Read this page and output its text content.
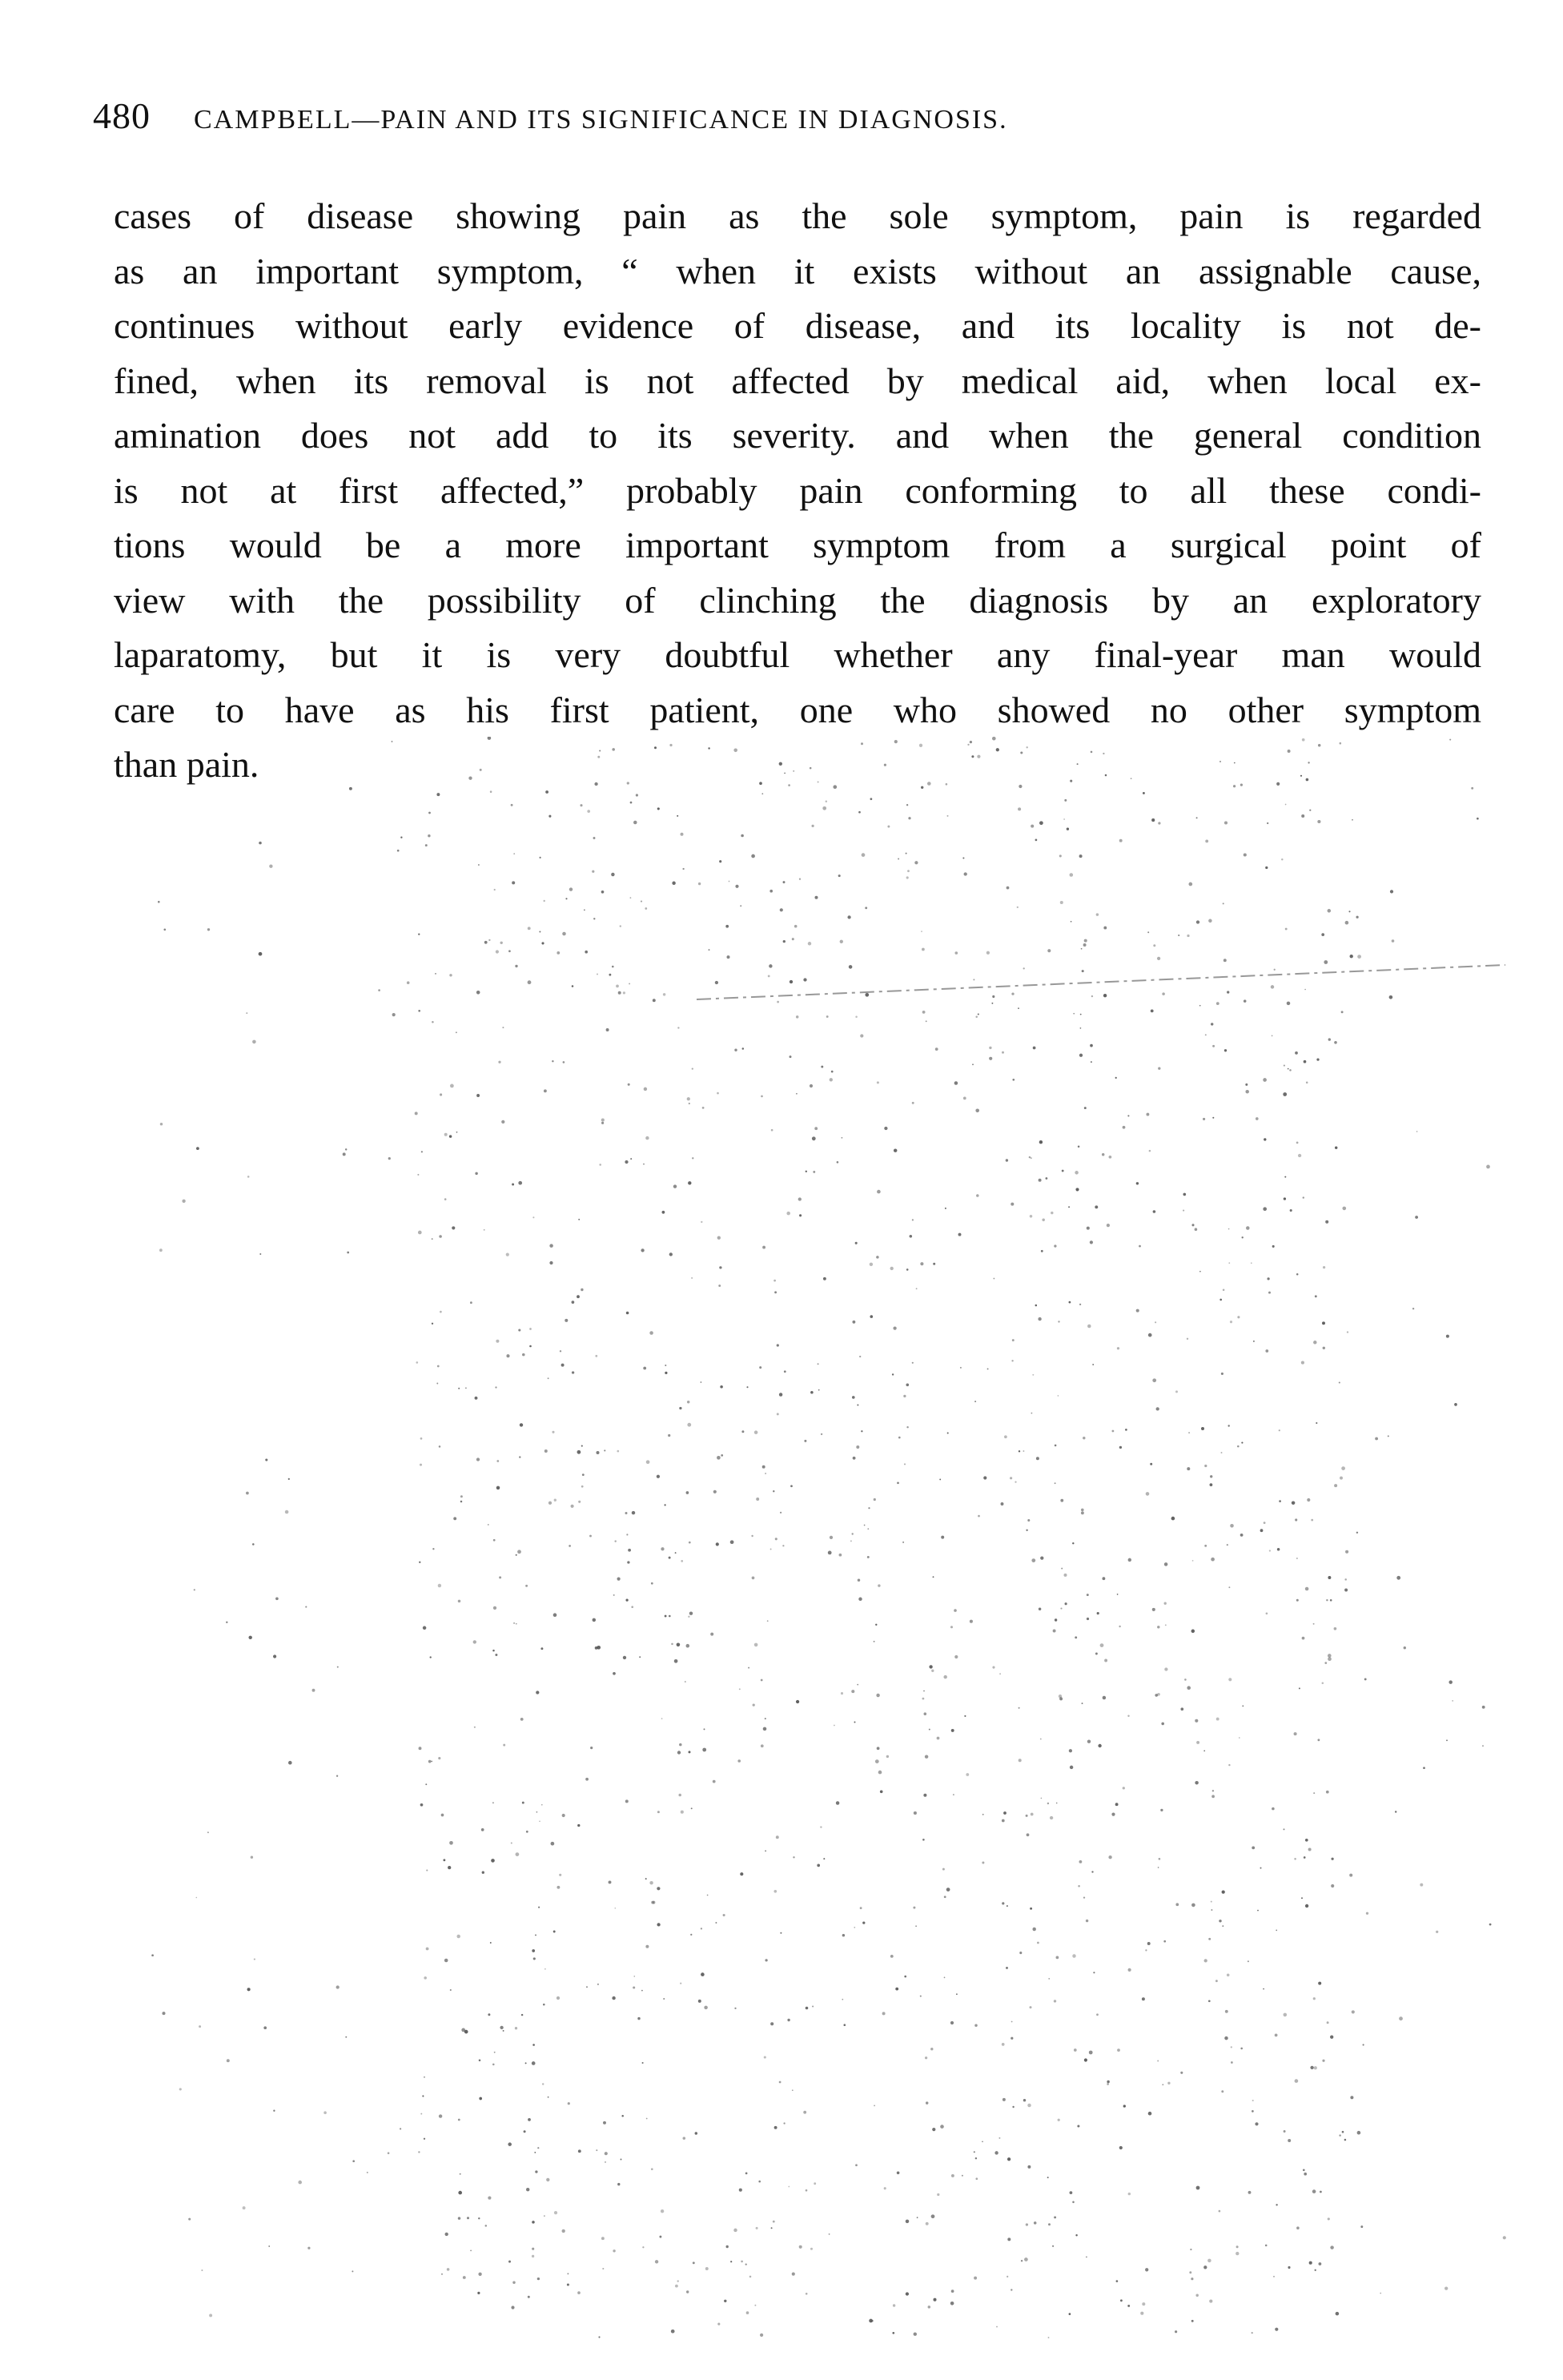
480 CAMPBELL—PAIN AND ITS SIGNIFICANCE IN DIAGNOSIS.

cases of disease showing pain as the sole symptom, pain is regarded
as an important symptom, “ when it exists without an assignable cause,
continues without early evidence of disease, and its locality is not de-
fined, when its removal is not affected by medical aid, when local ex-
amination does not add to its severity. and when the general condition
is not at first affected,” probably pain conforming to all these condi-
tions would be a more important symptom from a surgical point of
view with the possibility of clinching the diagnosis by an exploratory
laparatomy, but it is very doubtful whether any final-year man would
care to have as his first patient, one who showed no other symptom
than pain.
